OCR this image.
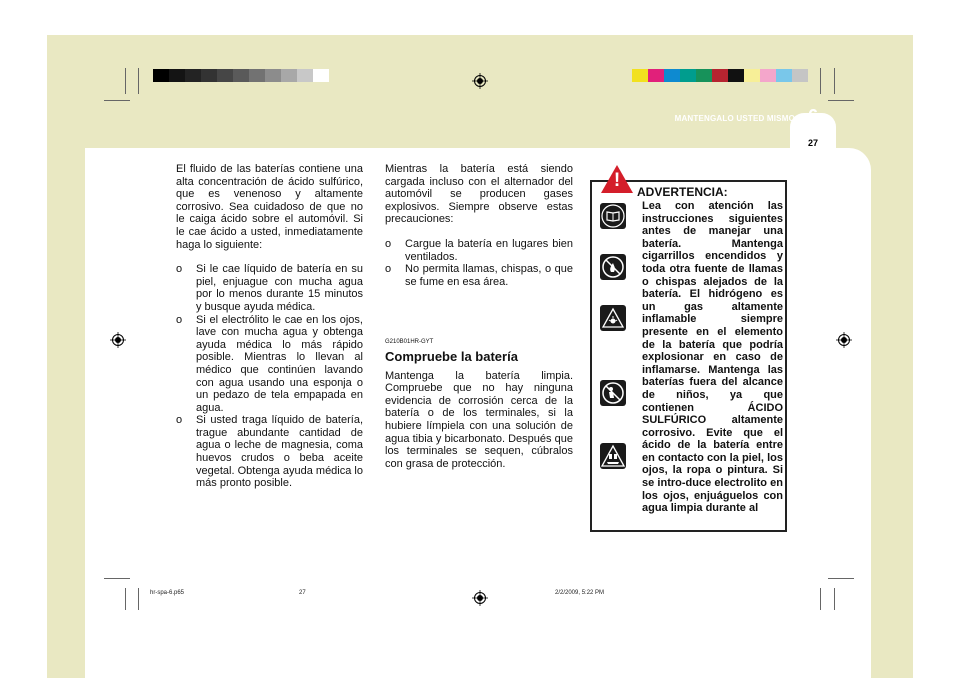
MANTENGALO USTED MISMO 6
27

El fluido de las baterías contiene una alta concentración de ácido sulfúrico, que es venenoso y altamente corrosivo. Sea cuidadoso de que no le caiga ácido sobre el automóvil. Si le cae ácido a usted, inmediatamente haga lo siguiente:

o Si le cae líquido de batería en su piel, enjuague con mucha agua por lo menos durante 15 minutos y busque ayuda médica.
o Si el electrólito le cae en los ojos, lave con mucha agua y obtenga ayuda médica lo más rápido posible. Mientras lo llevan al médico que continúen lavando con agua usando una esponja o un pedazo de tela empapada en agua.
o Si usted traga líquido de batería, trague abundante cantidad de agua o leche de magnesia, coma huevos crudos o beba aceite vegetal. Obtenga ayuda médica lo más pronto posible.

Mientras la batería está siendo cargada incluso con el alternador del automóvil se producen gases explosivos. Siempre observe estas precauciones:

o Cargue la batería en lugares bien ventilados.
o No permita llamas, chispas, o que se fume en esa área.
G210B01HR-GYT
Compruebe la batería

Mantenga la batería limpia. Compruebe que no hay ninguna evidencia de corrosión cerca de la batería o de los terminales, si la hubiere límpiela con una solución de agua tibia y bicarbonato. Después que los terminales se sequen, cúbralos con grasa de protección.

!
ADVERTENCIA:

Lea con atención las instrucciones siguientes antes de manejar una batería. Mantenga cigarrillos encendidos y toda otra fuente de llamas o chispas alejados de la batería. El hidrógeno es un gas altamente inflamable siempre presente en el elemento de la batería que podría explosionar en caso de inflamarse. Mantenga las baterías fuera del alcance de niños, ya que contienen ÁCIDO SULFÚRICO altamente corrosivo. Evite que el ácido de la batería entre en contacto con la piel, los ojos, la ropa o pintura. Si se intro-duce electrolito en los ojos, enjuáguelos con agua limpia durante al

hr-spa-6.p65	27	2/2/2009, 5:22 PM
